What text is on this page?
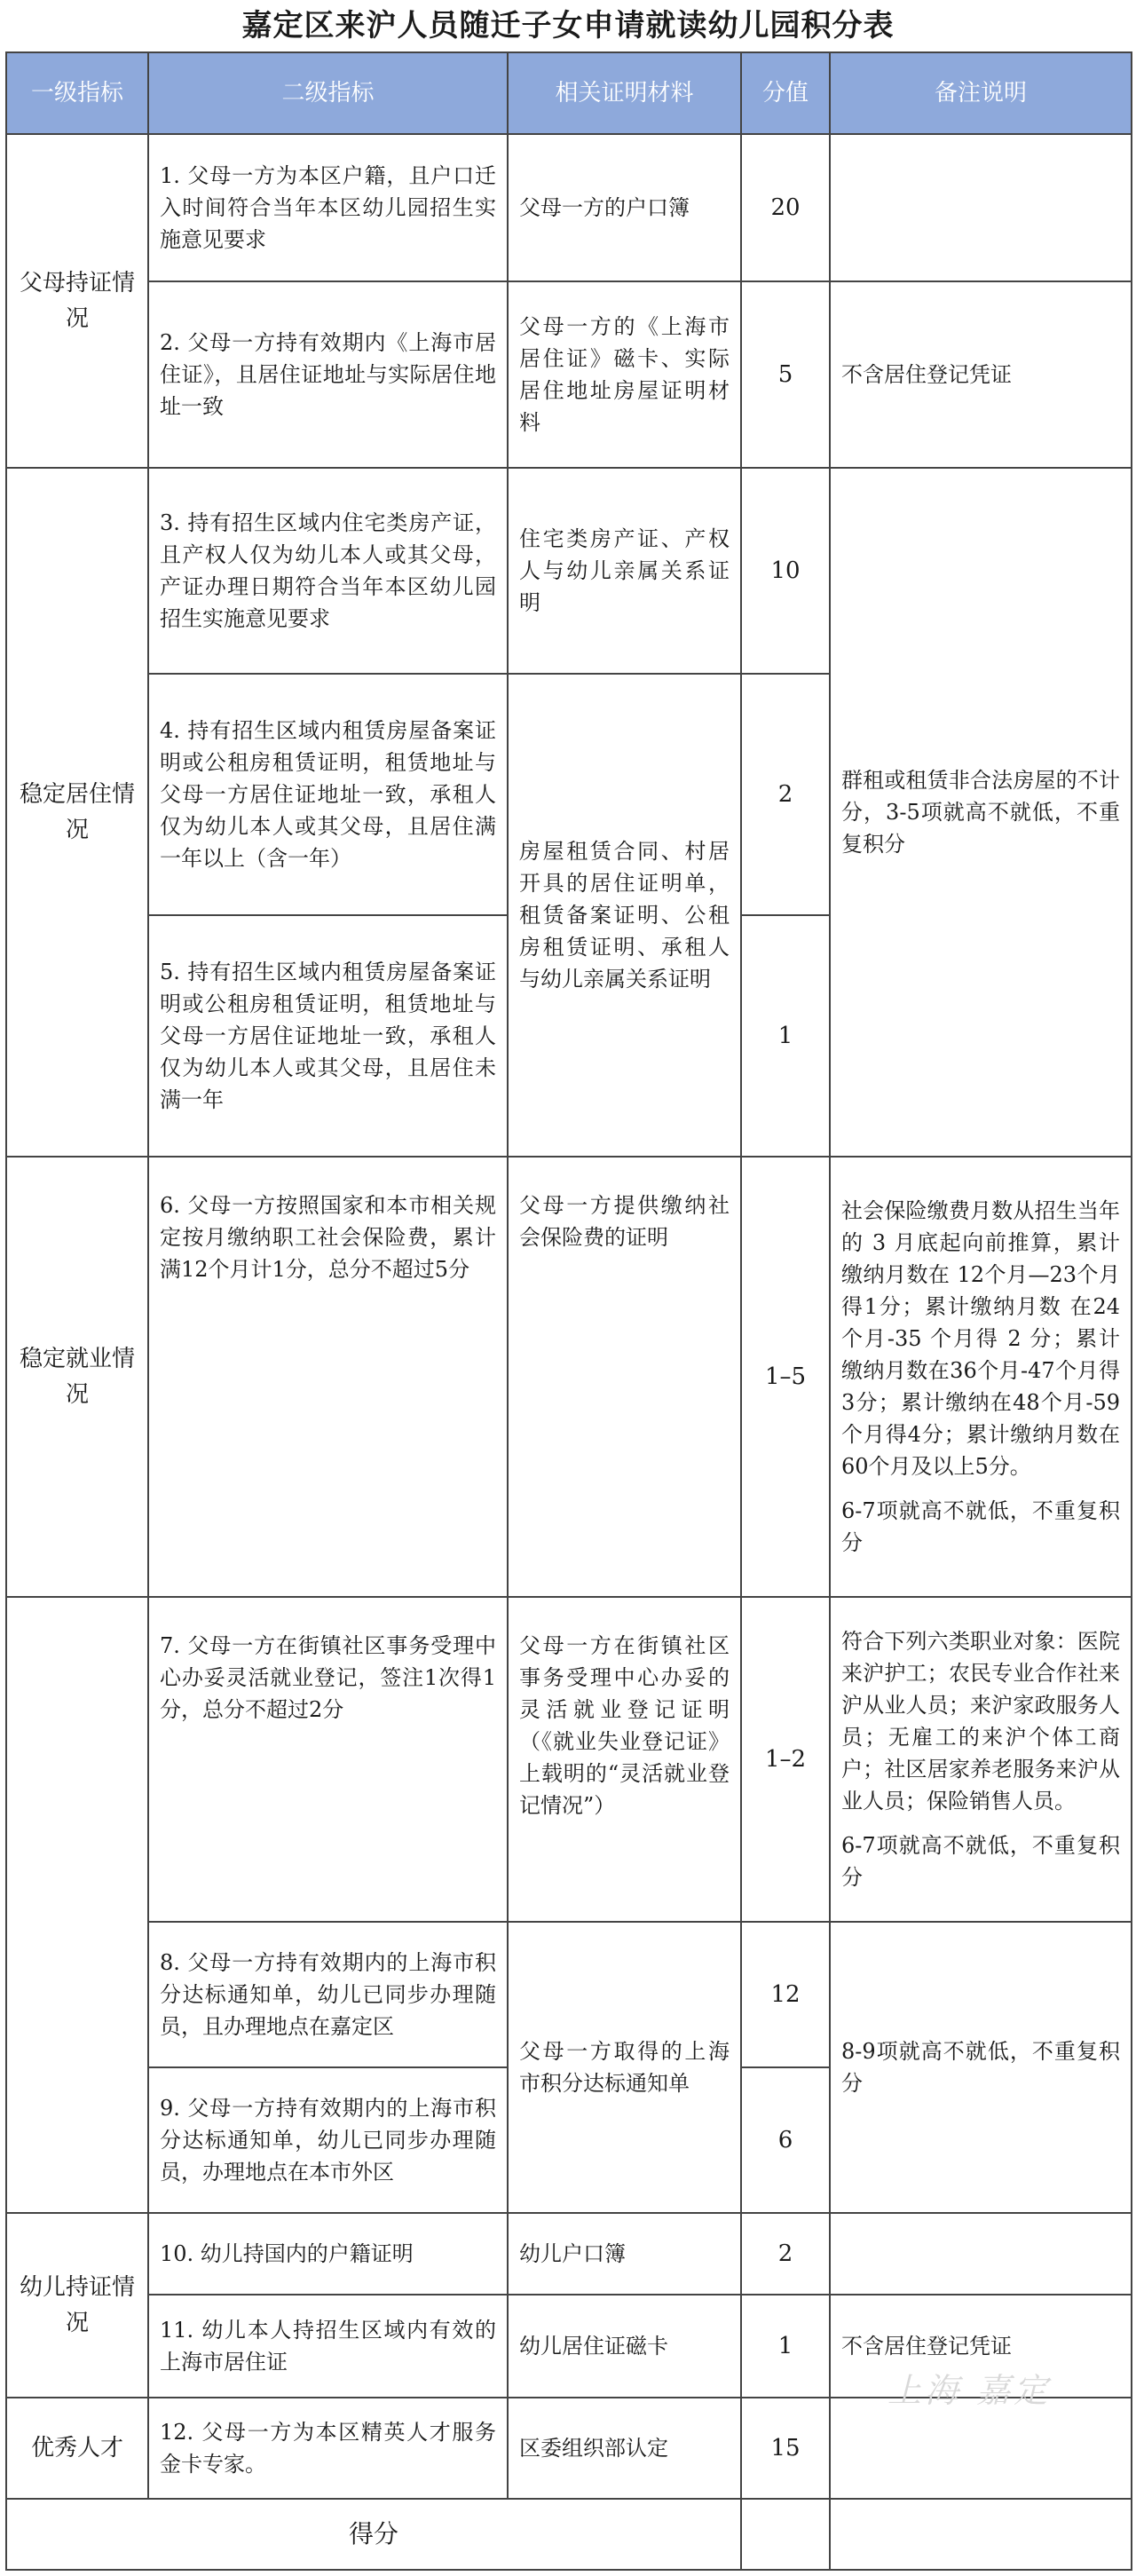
嘉定区来沪人员随迁子女申请就读幼儿园积分表
一级指标	二级指标	相关证明材料	分值	备注说明
父母持证情况	1. 父母一方为本区户籍，且户口迁入时间符合当年本区幼儿园招生实施意见要求	父母一方的户口簿	20	
	2. 父母一方持有效期内《上海市居住证》，且居住证地址与实际居住地址一致	父母一方的《上海市居住证》磁卡、实际居住地址房屋证明材料	5	不含居住登记凭证
稳定居住情况	3. 持有招生区域内住宅类房产证，且产权人仅为幼儿本人或其父母，产证办理日期符合当年本区幼儿园招生实施意见要求	住宅类房产证、产权人与幼儿亲属关系证明	10	群租或租赁非合法房屋的不计分，3-5项就高不就低，不重复积分
	4. 持有招生区域内租赁房屋备案证明或公租房租赁证明，租赁地址与父母一方居住证地址一致，承租人仅为幼儿本人或其父母，且居住满一年以上（含一年）	房屋租赁合同、村居开具的居住证明单，租赁备案证明、公租房租赁证明、承租人与幼儿亲属关系证明	2	
	5. 持有招生区域内租赁房屋备案证明或公租房租赁证明，租赁地址与父母一方居住证地址一致，承租人仅为幼儿本人或其父母，且居住未满一年		1	
稳定就业情况	6. 父母一方按照国家和本市相关规定按月缴纳职工社会保险费，累计满12个月计1分，总分不超过5分	父母一方提供缴纳社会保险费的证明	1–5	社会保险缴费月数从招生当年的 3 月底起向前推算，累计缴纳月数在 12个月—23个月得1分；累计缴纳月数 在24个月-35 个月得 2 分；累计缴纳月数在36个月-47个月得 3分；累计缴纳在48个月-59个月得4分；累计缴纳月数在60个月及以上5分。

6-7项就高不就低，不重复积分

	7. 父母一方在街镇社区事务受理中心办妥灵活就业登记，签注1次得1分，总分不超过2分	父母一方在街镇社区事务受理中心办妥的灵活就业登记证明（《就业失业登记证》上载明的“灵活就业登记情况”）	1–2	符合下列六类职业对象：医院来沪护工；农民专业合作社来沪从业人员；来沪家政服务人员；无雇工的来沪个体工商户；社区居家养老服务来沪从业人员；保险销售人员。

6-7项就高不就低，不重复积分

	8. 父母一方持有效期内的上海市积分达标通知单，幼儿已同步办理随员，且办理地点在嘉定区	父母一方取得的上海市积分达标通知单	12	8-9项就高不就低，不重复积分
	9. 父母一方持有效期内的上海市积分达标通知单，幼儿已同步办理随员，办理地点在本市外区		6	
幼儿持证情况	10. 幼儿持国内的户籍证明	幼儿户口簿	2	
	11. 幼儿本人持招生区域内有效的上海市居住证	幼儿居住证磁卡	1	不含居住登记凭证
优秀人才	12. 父母一方为本区精英人才服务金卡专家。	区委组织部认定	15	
得分				
上海 嘉定
